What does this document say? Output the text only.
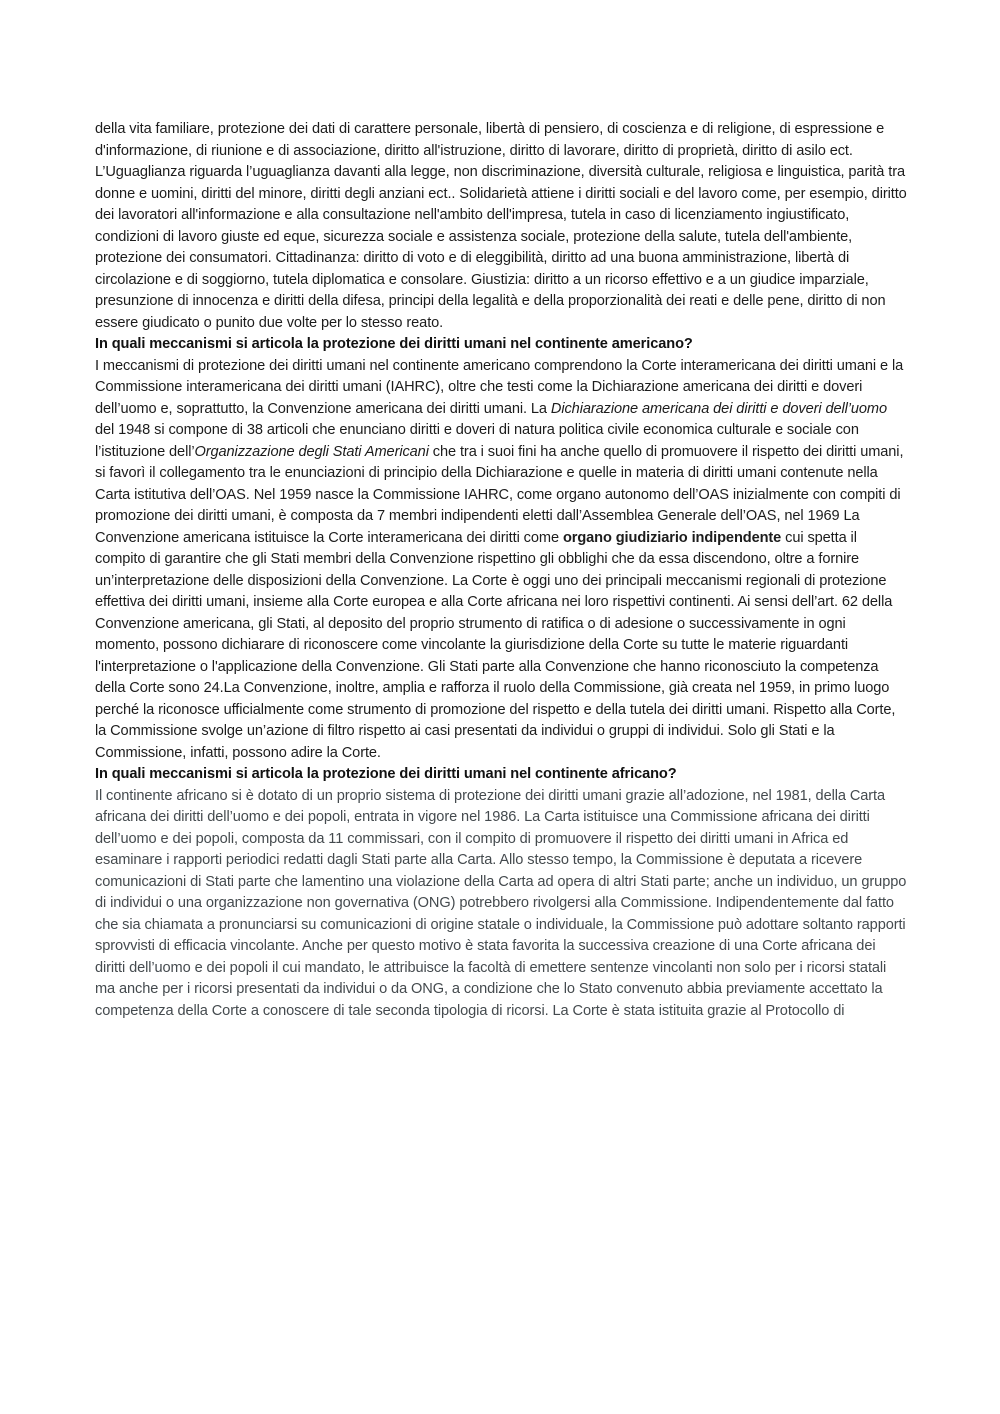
della vita familiare, protezione dei dati di carattere personale, libertà di pensiero, di coscienza e di religione, di espressione e d'informazione, di riunione e di associazione, diritto all'istruzione, diritto di lavorare, diritto di proprietà, diritto di asilo ect. L’Uguaglianza riguarda l’uguaglianza davanti alla legge, non discriminazione, diversità culturale, religiosa e linguistica, parità tra donne e uomini, diritti del minore, diritti degli anziani ect.. Solidarietà attiene i diritti sociali e del lavoro come, per esempio, diritto dei lavoratori all'informazione e alla consultazione nell'ambito dell'impresa, tutela in caso di licenziamento ingiustificato, condizioni di lavoro giuste ed eque, sicurezza sociale e assistenza sociale, protezione della salute, tutela dell'ambiente, protezione dei consumatori. Cittadinanza: diritto di voto e di eleggibilità, diritto ad una buona amministrazione, libertà di circolazione e di soggiorno, tutela diplomatica e consolare. Giustizia: diritto a un ricorso effettivo e a un giudice imparziale, presunzione di innocenza e diritti della difesa, principi della legalità e della proporzionalità dei reati e delle pene, diritto di non essere giudicato o punito due volte per lo stesso reato.

In quali meccanismi si articola la protezione dei diritti umani nel continente americano?

I meccanismi di protezione dei diritti umani nel continente americano comprendono la Corte interamericana dei diritti umani e la Commissione interamericana dei diritti umani (IAHRC), oltre che testi come la Dichiarazione americana dei diritti e doveri dell’uomo e, soprattutto, la Convenzione americana dei diritti umani. La Dichiarazione americana dei diritti e doveri dell’uomo del 1948 si compone di 38 articoli che enunciano diritti e doveri di natura politica civile economica culturale e sociale con l’istituzione dell’Organizzazione degli Stati Americani che tra i suoi fini ha anche quello di promuovere il rispetto dei diritti umani, si favorì il collegamento tra le enunciazioni di principio della Dichiarazione e quelle in materia di diritti umani contenute nella Carta istitutiva dell’OAS. Nel 1959 nasce la Commissione IAHRC, come organo autonomo dell’OAS inizialmente con compiti di promozione dei diritti umani, è composta da 7 membri indipendenti eletti dall’Assemblea Generale dell’OAS, nel 1969 La Convenzione americana istituisce la Corte interamericana dei diritti come organo giudiziario indipendente cui spetta il compito di garantire che gli Stati membri della Convenzione rispettino gli obblighi che da essa discendono, oltre a fornire un’interpretazione delle disposizioni della Convenzione. La Corte è oggi uno dei principali meccanismi regionali di protezione effettiva dei diritti umani, insieme alla Corte europea e alla Corte africana nei loro rispettivi continenti. Ai sensi dell’art. 62 della Convenzione americana, gli Stati, al deposito del proprio strumento di ratifica o di adesione o successivamente in ogni momento, possono dichiarare di riconoscere come vincolante la giurisdizione della Corte su tutte le materie riguardanti l'interpretazione o l'applicazione della Convenzione. Gli Stati parte alla Convenzione che hanno riconosciuto la competenza della Corte sono 24.La Convenzione, inoltre, amplia e rafforza il ruolo della Commissione, già creata nel 1959, in primo luogo perché la riconosce ufficialmente come strumento di promozione del rispetto e della tutela dei diritti umani. Rispetto alla Corte, la Commissione svolge un’azione di filtro rispetto ai casi presentati da individui o gruppi di individui. Solo gli Stati e la Commissione, infatti, possono adire la Corte.

In quali meccanismi si articola la protezione dei diritti umani nel continente africano?

Il continente africano si è dotato di un proprio sistema di protezione dei diritti umani grazie all’adozione, nel 1981, della Carta africana dei diritti dell’uomo e dei popoli, entrata in vigore nel 1986. La Carta istituisce una Commissione africana dei diritti dell’uomo e dei popoli, composta da 11 commissari, con il compito di promuovere il rispetto dei diritti umani in Africa ed esaminare i rapporti periodici redatti dagli Stati parte alla Carta. Allo stesso tempo, la Commissione è deputata a ricevere comunicazioni di Stati parte che lamentino una violazione della Carta ad opera di altri Stati parte; anche un individuo, un gruppo di individui o una organizzazione non governativa (ONG) potrebbero rivolgersi alla Commissione. Indipendentemente dal fatto che sia chiamata a pronunciarsi su comunicazioni di origine statale o individuale, la Commissione può adottare soltanto rapporti sprovvisti di efficacia vincolante. Anche per questo motivo è stata favorita la successiva creazione di una Corte africana dei diritti dell’uomo e dei popoli il cui mandato, le attribuisce la facoltà di emettere sentenze vincolanti non solo per i ricorsi statali ma anche per i ricorsi presentati da individui o da ONG, a condizione che lo Stato convenuto abbia previamente accettato la competenza della Corte a conoscere di tale seconda tipologia di ricorsi. La Corte è stata istituita grazie al Protocollo di
